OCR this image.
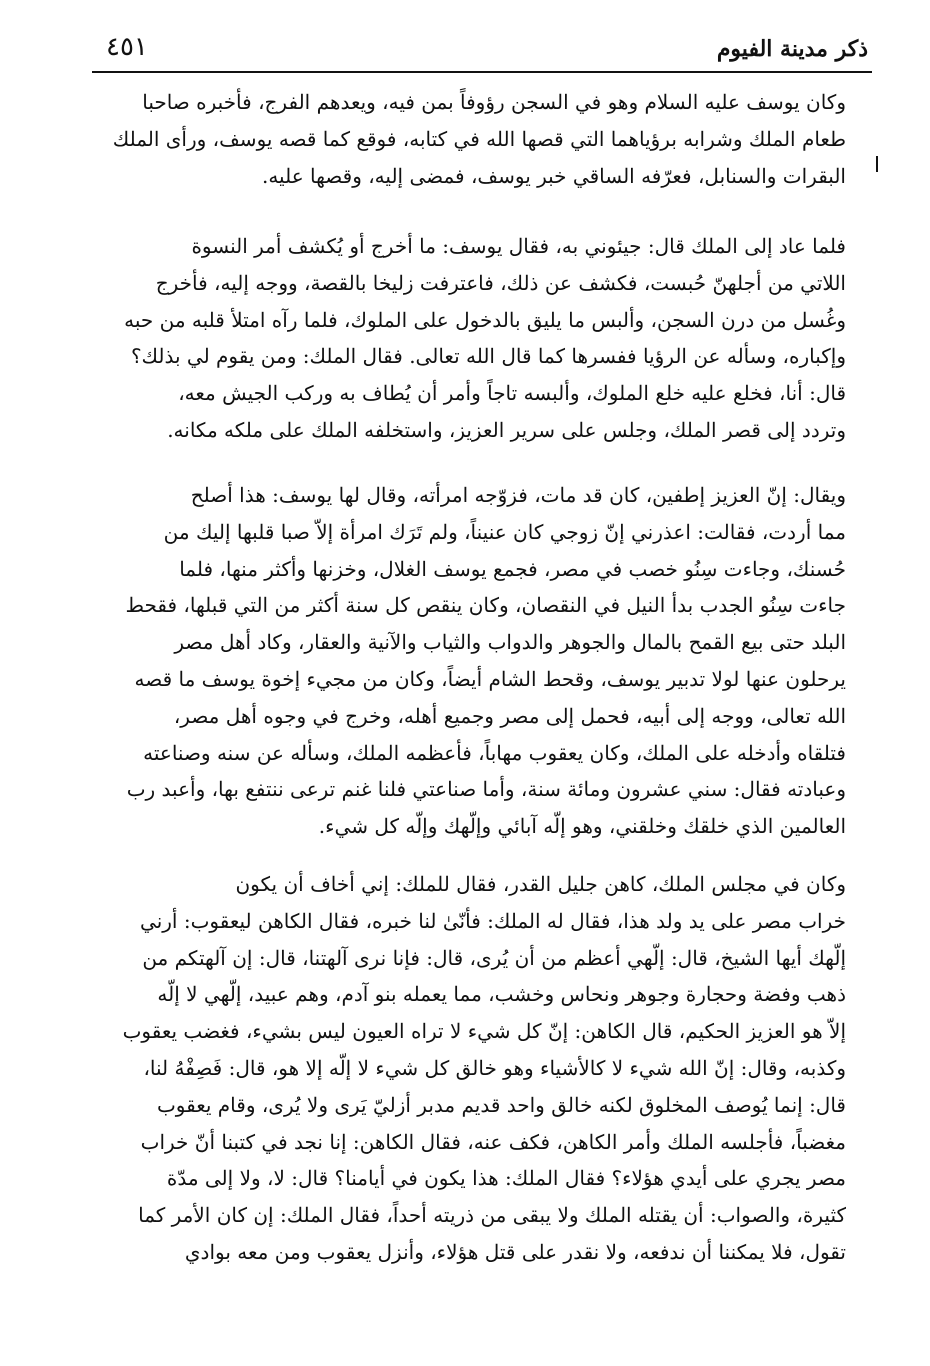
ذكر مدينة الفيوم
٤٥١
وكان يوسف عليه السلام وهو في السجن رؤوفاً بمن فيه، ويعدهم الفرج، فأخبره صاحبا
طعام الملك وشرابه برؤياهما التي قصها الله في كتابه، فوقع كما قصه يوسف، ورأى الملك
البقرات والسنابل، فعرّفه الساقي خبر يوسف، فمضى إليه، وقصها عليه.
فلما عاد إلى الملك قال: جيئوني به، فقال يوسف: ما أخرج أو يُكشف أمر النسوة
اللاتي من أجلهنّ حُبست، فكشف عن ذلك، فاعترفت زليخا بالقصة، ووجه إليه، فأخرج
وغُسل من درن السجن، وألبس ما يليق بالدخول على الملوك، فلما رآه امتلأ قلبه من حبه
وإكباره، وسأله عن الرؤيا ففسرها كما قال الله تعالى. فقال الملك: ومن يقوم لي بذلك؟
قال: أنا، فخلع عليه خلع الملوك، وألبسه تاجاً وأمر أن يُطاف به وركب الجيش معه،
وتردد إلى قصر الملك، وجلس على سرير العزيز، واستخلفه الملك على ملكه مكانه.
ويقال: إنّ العزيز إطفين، كان قد مات، فزوّجه امرأته، وقال لها يوسف: هذا أصلح
مما أردت، فقالت: اعذرني إنّ زوجي كان عنيناً، ولم تَرَك امرأة إلاّ صبا قلبها إليك من
حُسنك، وجاءت سِنُو خصب في مصر، فجمع يوسف الغلال، وخزنها وأكثر منها، فلما
جاءت سِنُو الجدب بدأ النيل في النقصان، وكان ينقص كل سنة أكثر من التي قبلها، فقحط
البلد حتى بيع القمح بالمال والجوهر والدواب والثياب والآنية والعقار، وكاد أهل مصر
يرحلون عنها لولا تدبير يوسف، وقحط الشام أيضاً، وكان من مجيء إخوة يوسف ما قصه
الله تعالى، ووجه إلى أبيه، فحمل إلى مصر وجميع أهله، وخرج في وجوه أهل مصر،
فتلقاه وأدخله على الملك، وكان يعقوب مهاباً، فأعظمه الملك، وسأله عن سنه وصناعته
وعبادته فقال: سني عشرون ومائة سنة، وأما صناعتي فلنا غنم ترعى ننتفع بها، وأعبد رب
العالمين الذي خلقك وخلقني، وهو إلّه آبائي وإلّهك وإلّه كل شيء.
وكان في مجلس الملك، كاهن جليل القدر، فقال للملك: إني أخاف أن يكون
خراب مصر على يد ولد هذا، فقال له الملك: فأنّىٰ لنا خبره، فقال الكاهن ليعقوب: أرني
إلّهك أيها الشيخ، قال: إلّهي أعظم من أن يُرى، قال: فإنا نرى آلهتنا، قال: إن آلهتكم من
ذهب وفضة وحجارة وجوهر ونحاس وخشب، مما يعمله بنو آدم، وهم عبيد، إلّهي لا إلّه
إلاّ هو العزيز الحكيم، قال الكاهن: إنّ كل شيء لا تراه العيون ليس بشيء، فغضب يعقوب
وكذبه، وقال: إنّ الله شيء لا كالأشياء وهو خالق كل شيء لا إلّه إلا هو، قال: فَصِفْهُ لنا،
قال: إنما يُوصف المخلوق لكنه خالق واحد قديم مدبر أزليّ يَرى ولا يُرى، وقام يعقوب
مغضباً، فأجلسه الملك وأمر الكاهن، فكف عنه، فقال الكاهن: إنا نجد في كتبنا أنّ خراب
مصر يجري على أيدي هؤلاء؟ فقال الملك: هذا يكون في أيامنا؟ قال: لا، ولا إلى مدّة
كثيرة، والصواب: أن يقتله الملك ولا يبقى من ذريته أحداً، فقال الملك: إن كان الأمر كما
تقول، فلا يمكننا أن ندفعه، ولا نقدر على قتل هؤلاء، وأنزل يعقوب ومن معه بوادي
